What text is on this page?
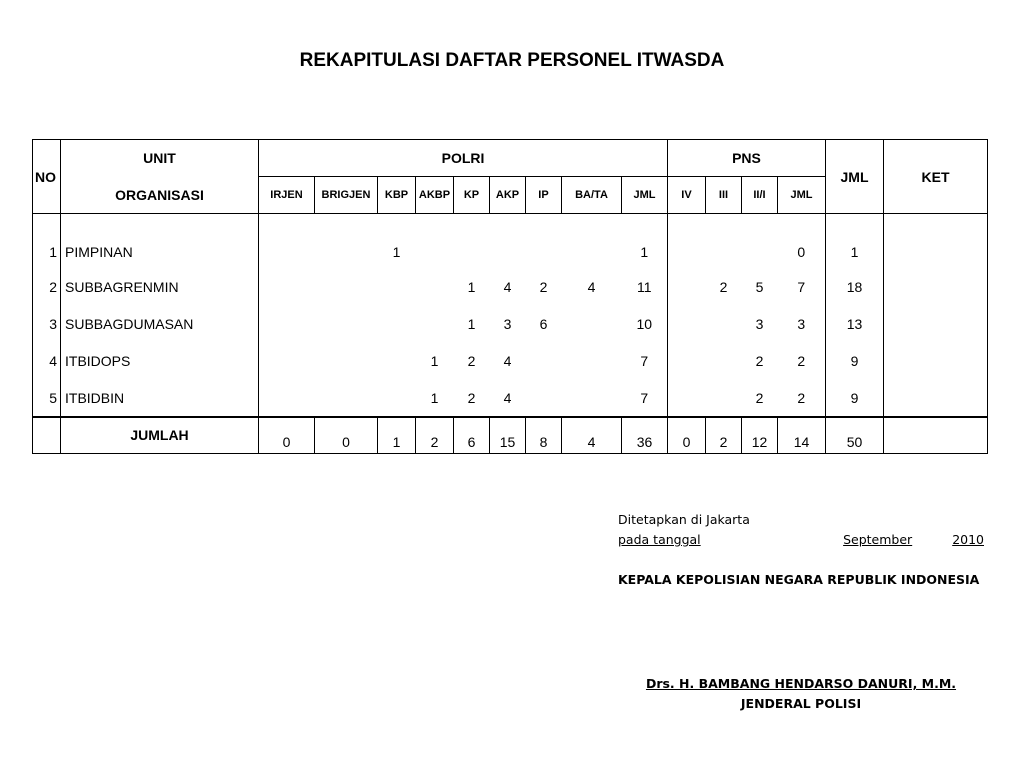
REKAPITULASI DAFTAR PERSONEL ITWASDA
NO	UNIT	POLRI									PNS				JML	KET
	ORGANISASI	IRJEN	BRIGJEN	KBP	AKBP	KP	AKP	IP	BA/TA	JML	IV	III	II/I	JML		
1	PIMPINAN			1						1				0	1	
2	SUBBAGRENMIN					1	4	2	4	11		2	5	7	18	
3	SUBBAGDUMASAN					1	3	6		10			3	3	13	
4	ITBIDOPS				1	2	4			7			2	2	9	
5	ITBIDBIN				1	2	4			7			2	2	9	
	JUMLAH	0	0	1	2	6	15	8	4	36	0	2	12	14	50	
Ditetapkan di Jakarta
pada tanggal	September	2010
KEPALA KEPOLISIAN NEGARA REPUBLIK INDONESIA
Drs. H. BAMBANG HENDARSO DANURI, M.M.
JENDERAL POLISI
